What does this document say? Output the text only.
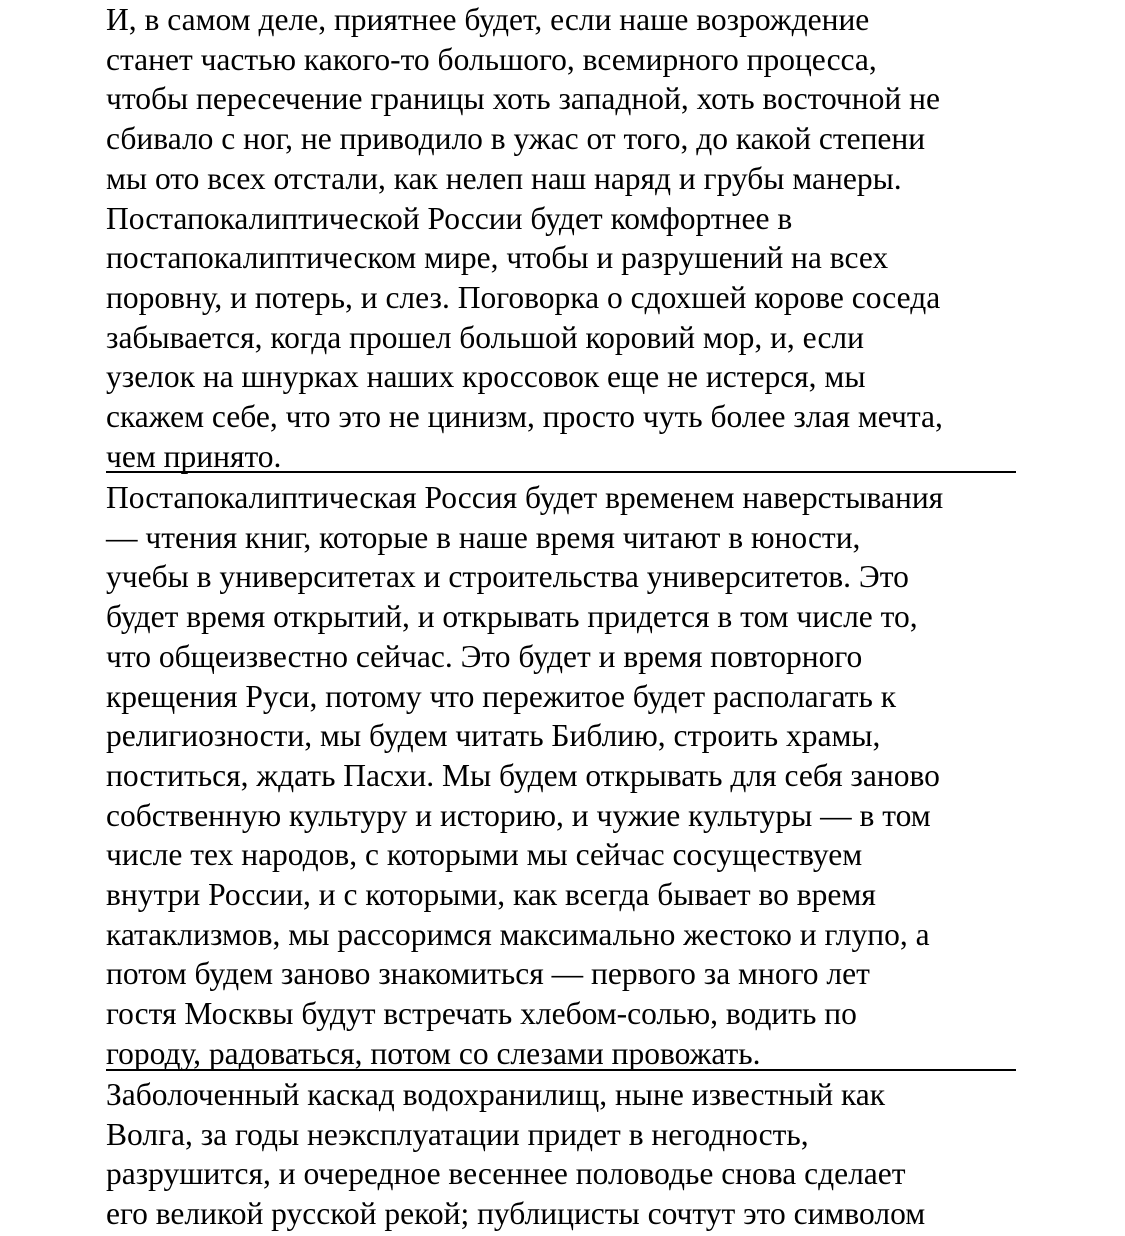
И, в самом деле, приятнее будет, если наше возрождение
станет частью какого-то большого, всемирного процесса,
чтобы пересечение границы хоть западной, хоть восточной не
сбивало с ног, не приводило в ужас от того, до какой степени
мы ото всех отстали, как нелеп наш наряд и грубы манеры.
Постапокалиптической России будет комфортнее в
постапокалиптическом мире, чтобы и разрушений на всех
поровну, и потерь, и слез. Поговорка о сдохшей корове соседа
забывается, когда прошел большой коровий мор, и, если
узелок на шнурках наших кроссовок еще не истерся, мы
скажем себе, что это не цинизм, просто чуть более злая мечта,
чем принято.
Постапокалиптическая Россия будет временем наверстывания
— чтения книг, которые в наше время читают в юности,
учебы в университетах и строительства университетов. Это
будет время открытий, и открывать придется в том числе то,
что общеизвестно сейчас. Это будет и время повторного
крещения Руси, потому что пережитое будет располагать к
религиозности, мы будем читать Библию, строить храмы,
поститься, ждать Пасхи. Мы будем открывать для себя заново
собственную культуру и историю, и чужие культуры — в том
числе тех народов, с которыми мы сейчас сосуществуем
внутри России, и с которыми, как всегда бывает во время
катаклизмов, мы рассоримся максимально жестоко и глупо, а
потом будем заново знакомиться — первого за много лет
гостя Москвы будут встречать хлебом-солью, водить по
городу, радоваться, потом со слезами провожать.
Заболоченный каскад водохранилищ, ныне известный как
Волга, за годы неэксплуатации придет в негодность,
разрушится, и очередное весеннее половодье снова сделает
его великой русской рекой; публицисты сочтут это символом
